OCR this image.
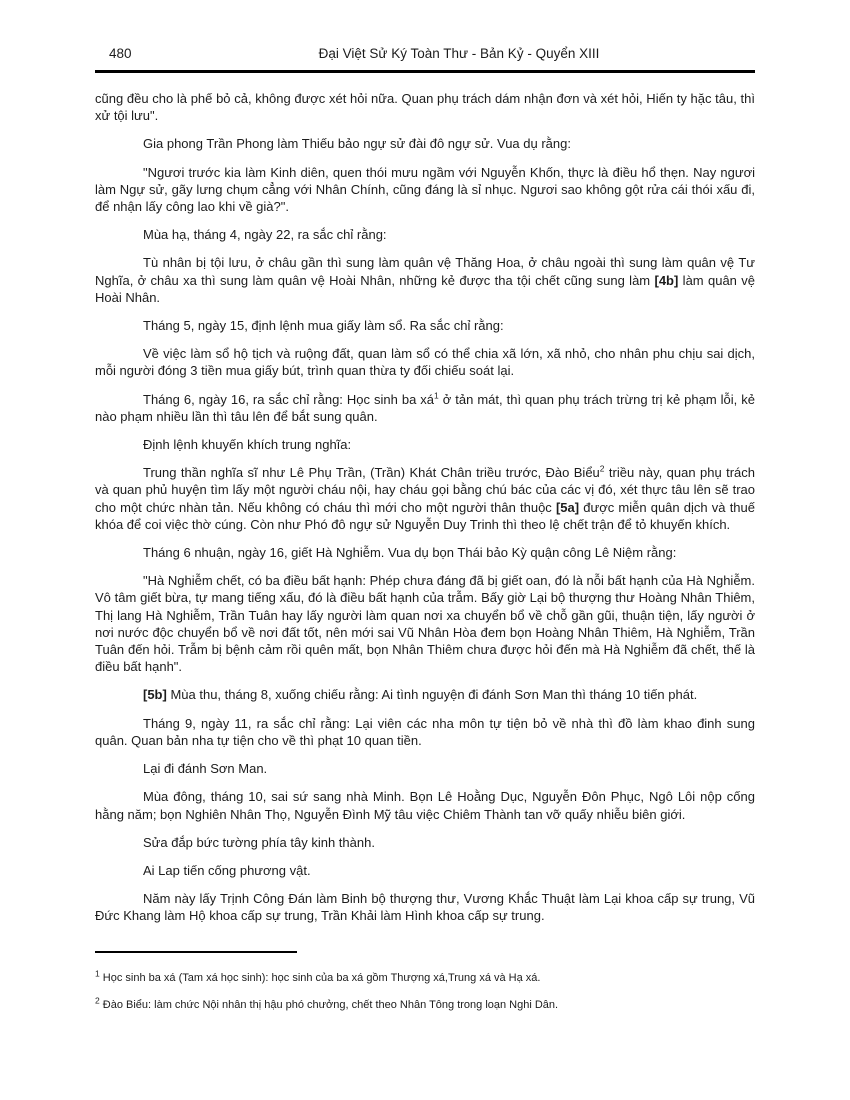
480	Đại Việt Sử Ký Toàn Thư - Bản Kỷ - Quyển XIII

cũng đều cho là phế bỏ cả, không được xét hỏi nữa. Quan phụ trách dám nhận đơn và xét hỏi, Hiến ty hặc tâu, thì xử tội lưu".

Gia phong Trần Phong làm Thiếu bảo ngự sử đài đô ngự sử. Vua dụ rằng:

"Ngươi trước kia làm Kinh diên, quen thói mưu ngầm với Nguyễn Khốn, thực là điều hổ thẹn. Nay ngươi làm Ngự sử, gãy lưng chụm cẳng với Nhân Chính, cũng đáng là sỉ nhục. Ngươi sao không gột rửa cái thói xấu đi, để nhận lấy công lao khi về già?".

Mùa hạ, tháng 4, ngày 22, ra sắc chỉ rằng:

Tù nhân bị tội lưu, ở châu gần thì sung làm quân vệ Thăng Hoa, ở châu ngoài thì sung làm quân vệ Tư Nghĩa, ở châu xa thì sung làm quân vệ Hoài Nhân, những kẻ được tha tội chết cũng sung làm [4b] làm quân vệ Hoài Nhân.

Tháng 5, ngày 15, định lệnh mua giấy làm sổ. Ra sắc chỉ rằng:

Về việc làm sổ hộ tịch và ruộng đất, quan làm sổ có thể chia xã lớn, xã nhỏ, cho nhân phu chịu sai dịch, mỗi người đóng 3 tiền mua giấy bút, trình quan thừa ty đối chiếu soát lại.

Tháng 6, ngày 16, ra sắc chỉ rằng: Học sinh ba $xá^1$ ở tản mát, thì quan phụ trách trừng trị kẻ phạm lỗi, kẻ nào phạm nhiều lần thì tâu lên để bắt sung quân.

Định lệnh khuyến khích trung nghĩa:

Trung thần nghĩa sĩ như Lê Phụ Trần, (Trần) Khát Chân triều trước, Đào Biểu$^2$ triều này, quan phụ trách và quan phủ huyện tìm lấy một người cháu nội, hay cháu gọi bằng chú bác của các vị đó, xét thực tâu lên sẽ trao cho một chức nhàn tản. Nếu không có cháu thì mới cho một người thân thuộc [5a] được miễn quân dịch và thuế khóa để coi việc thờ cúng. Còn như Phó đô ngự sử Nguyễn Duy Trinh thì theo lệ chết trận để tỏ khuyến khích.

Tháng 6 nhuận, ngày 16, giết Hà Nghiễm. Vua dụ bọn Thái bảo Kỳ quận công Lê Niệm rằng:

"Hà Nghiễm chết, có ba điều bất hạnh: Phép chưa đáng đã bị giết oan, đó là nỗi bất hạnh của Hà Nghiễm. Vô tâm giết bừa, tự mang tiếng xấu, đó là điều bất hạnh của trẫm. Bấy giờ Lại bộ thượng thư Hoàng Nhân Thiêm, Thị lang Hà Nghiễm, Trần Tuân hay lấy người làm quan nơi xa chuyển bổ về chỗ gần gũi, thuận tiện, lấy người ở nơi nước độc chuyển bổ về nơi đất tốt, nên mới sai Vũ Nhân Hòa đem bọn Hoàng Nhân Thiêm, Hà Nghiễm, Trần Tuân đến hỏi. Trẫm bị bệnh cảm rồi quên mất, bọn Nhân Thiêm chưa được hỏi đến mà Hà Nghiễm đã chết, thế là điều bất hạnh".

[5b] Mùa thu, tháng 8, xuống chiếu rằng: Ai tình nguyện đi đánh Sơn Man thì tháng 10 tiến phát.

Tháng 9, ngày 11, ra sắc chỉ rằng: Lại viên các nha môn tự tiện bỏ về nhà thì đồ làm khao đinh sung quân. Quan bản nha tự tiện cho về thì phạt 10 quan tiền.

Lại đi đánh Sơn Man.

Mùa đông, tháng 10, sai sứ sang nhà Minh. Bọn Lê Hoằng Dục, Nguyễn Đôn Phục, Ngô Lôi nộp cống hằng năm; bọn Nghiên Nhân Thọ, Nguyễn Đình Mỹ tâu việc Chiêm Thành tan vỡ quấy nhiễu biên giới.

Sửa đắp bức tường phía tây kinh thành.

Ai Lap tiến cống phương vật.

Năm này lấy Trịnh Công Đán làm Binh bộ thượng thư, Vương Khắc Thuật làm Lại khoa cấp sự trung, Vũ Đức Khang làm Hộ khoa cấp sự trung, Trần Khải làm Hình khoa cấp sự trung.

$^1$ Học sinh ba xá (Tam xá học sinh): học sinh của ba xá gồm Thượng xá,Trung xá và Hạ xá.

$^2$ Đào Biểu: làm chức Nội nhân thị hậu phó chưởng, chết theo Nhân Tông trong loạn Nghi Dân.
